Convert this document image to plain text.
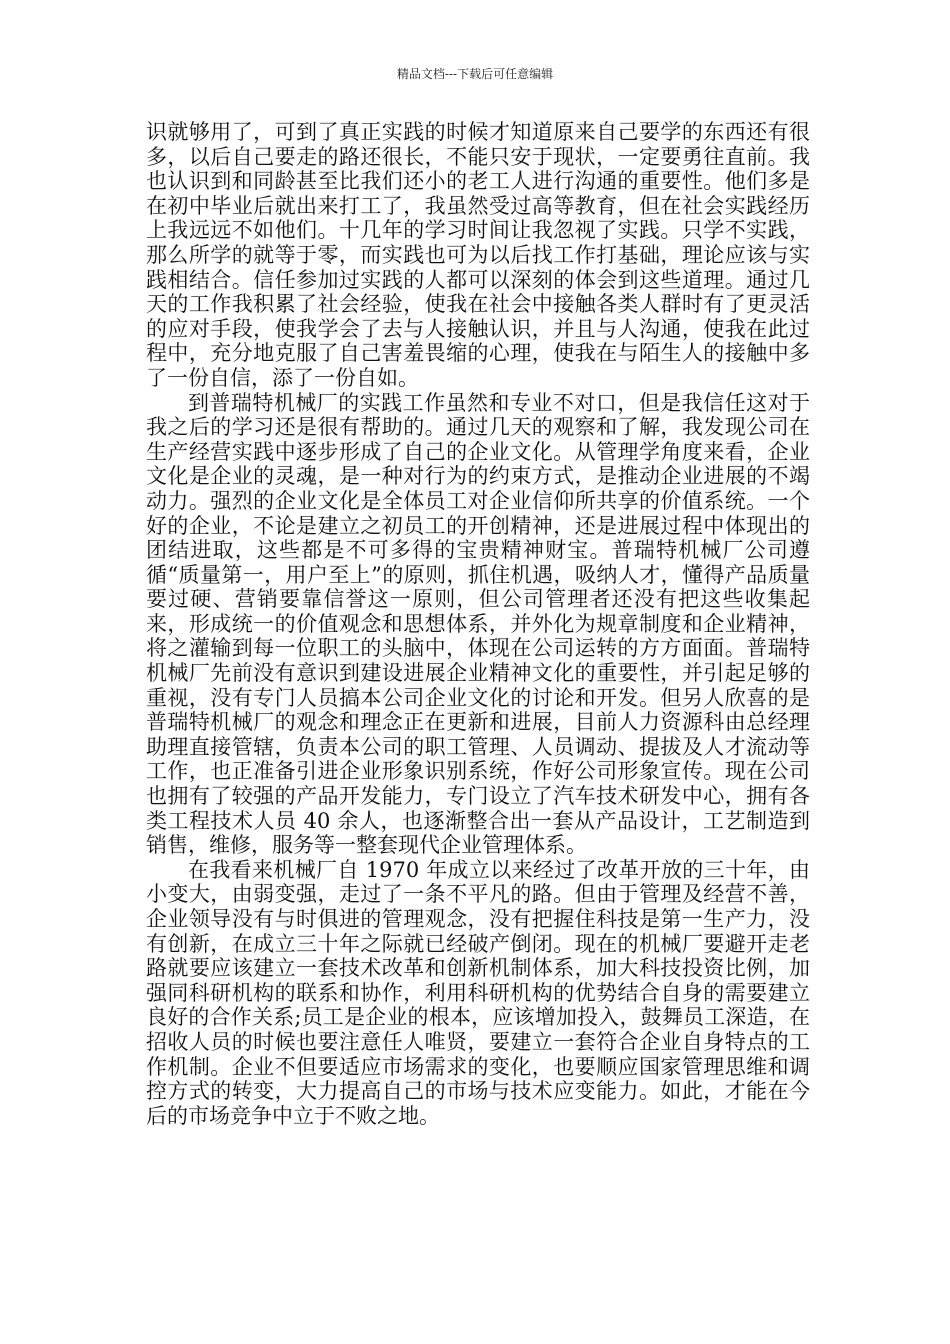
精品文档---下载后可任意编辑

识就够用了，可到了真正实践的时候才知道原来自己要学的东西还有很多，以后自己要走的路还很长，不能只安于现状，一定要勇往直前。我也认识到和同龄甚至比我们还小的老工人进行沟通的重要性。他们多是在初中毕业后就出来打工了，我虽然受过高等教育，但在社会实践经历上我远远不如他们。十几年的学习时间让我忽视了实践。只学不实践，那么所学的就等于零，而实践也可为以后找工作打基础，理论应该与实践相结合。信任参加过实践的人都可以深刻的体会到这些道理。通过几天的工作我积累了社会经验，使我在社会中接触各类人群时有了更灵活的应对手段，使我学会了去与人接触认识，并且与人沟通，使我在此过程中，充分地克服了自己害羞畏缩的心理，使我在与陌生人的接触中多了一份自信，添了一份自如。

到普瑞特机械厂的实践工作虽然和专业不对口，但是我信任这对于我之后的学习还是很有帮助的。通过几天的观察和了解，我发现公司在生产经营实践中逐步形成了自己的企业文化。从管理学角度来看，企业文化是企业的灵魂，是一种对行为的约束方式，是推动企业进展的不竭动力。强烈的企业文化是全体员工对企业信仰所共享的价值系统。一个好的企业，不论是建立之初员工的开创精神，还是进展过程中体现出的团结进取，这些都是不可多得的宝贵精神财宝。普瑞特机械厂公司遵循“质量第一，用户至上”的原则，抓住机遇，吸纳人才，懂得产品质量要过硬、营销要靠信誉这一原则，但公司管理者还没有把这些收集起来，形成统一的价值观念和思想体系，并外化为规章制度和企业精神，将之灌输到每一位职工的头脑中，体现在公司运转的方方面面。普瑞特机械厂先前没有意识到建设进展企业精神文化的重要性，并引起足够的重视，没有专门人员搞本公司企业文化的讨论和开发。但另人欣喜的是普瑞特机械厂的观念和理念正在更新和进展，目前人力资源科由总经理助理直接管辖，负责本公司的职工管理、人员调动、提拔及人才流动等工作，也正准备引进企业形象识别系统，作好公司形象宣传。现在公司也拥有了较强的产品开发能力，专门设立了汽车技术研发中心，拥有各类工程技术人员 40 余人，也逐渐整合出一套从产品设计，工艺制造到销售，维修，服务等一整套现代企业管理体系。

在我看来机械厂自 1970 年成立以来经过了改革开放的三十年，由小变大，由弱变强，走过了一条不平凡的路。但由于管理及经营不善，企业领导没有与时俱进的管理观念，没有把握住科技是第一生产力，没有创新，在成立三十年之际就已经破产倒闭。现在的机械厂要避开走老路就要应该建立一套技术改革和创新机制体系，加大科技投资比例，加强同科研机构的联系和协作，利用科研机构的优势结合自身的需要建立良好的合作关系;员工是企业的根本，应该增加投入，鼓舞员工深造，在招收人员的时候也要注意任人唯贤，要建立一套符合企业自身特点的工作机制。企业不但要适应市场需求的变化，也要顺应国家管理思维和调控方式的转变，大力提高自己的市场与技术应变能力。如此，才能在今后的市场竞争中立于不败之地。
